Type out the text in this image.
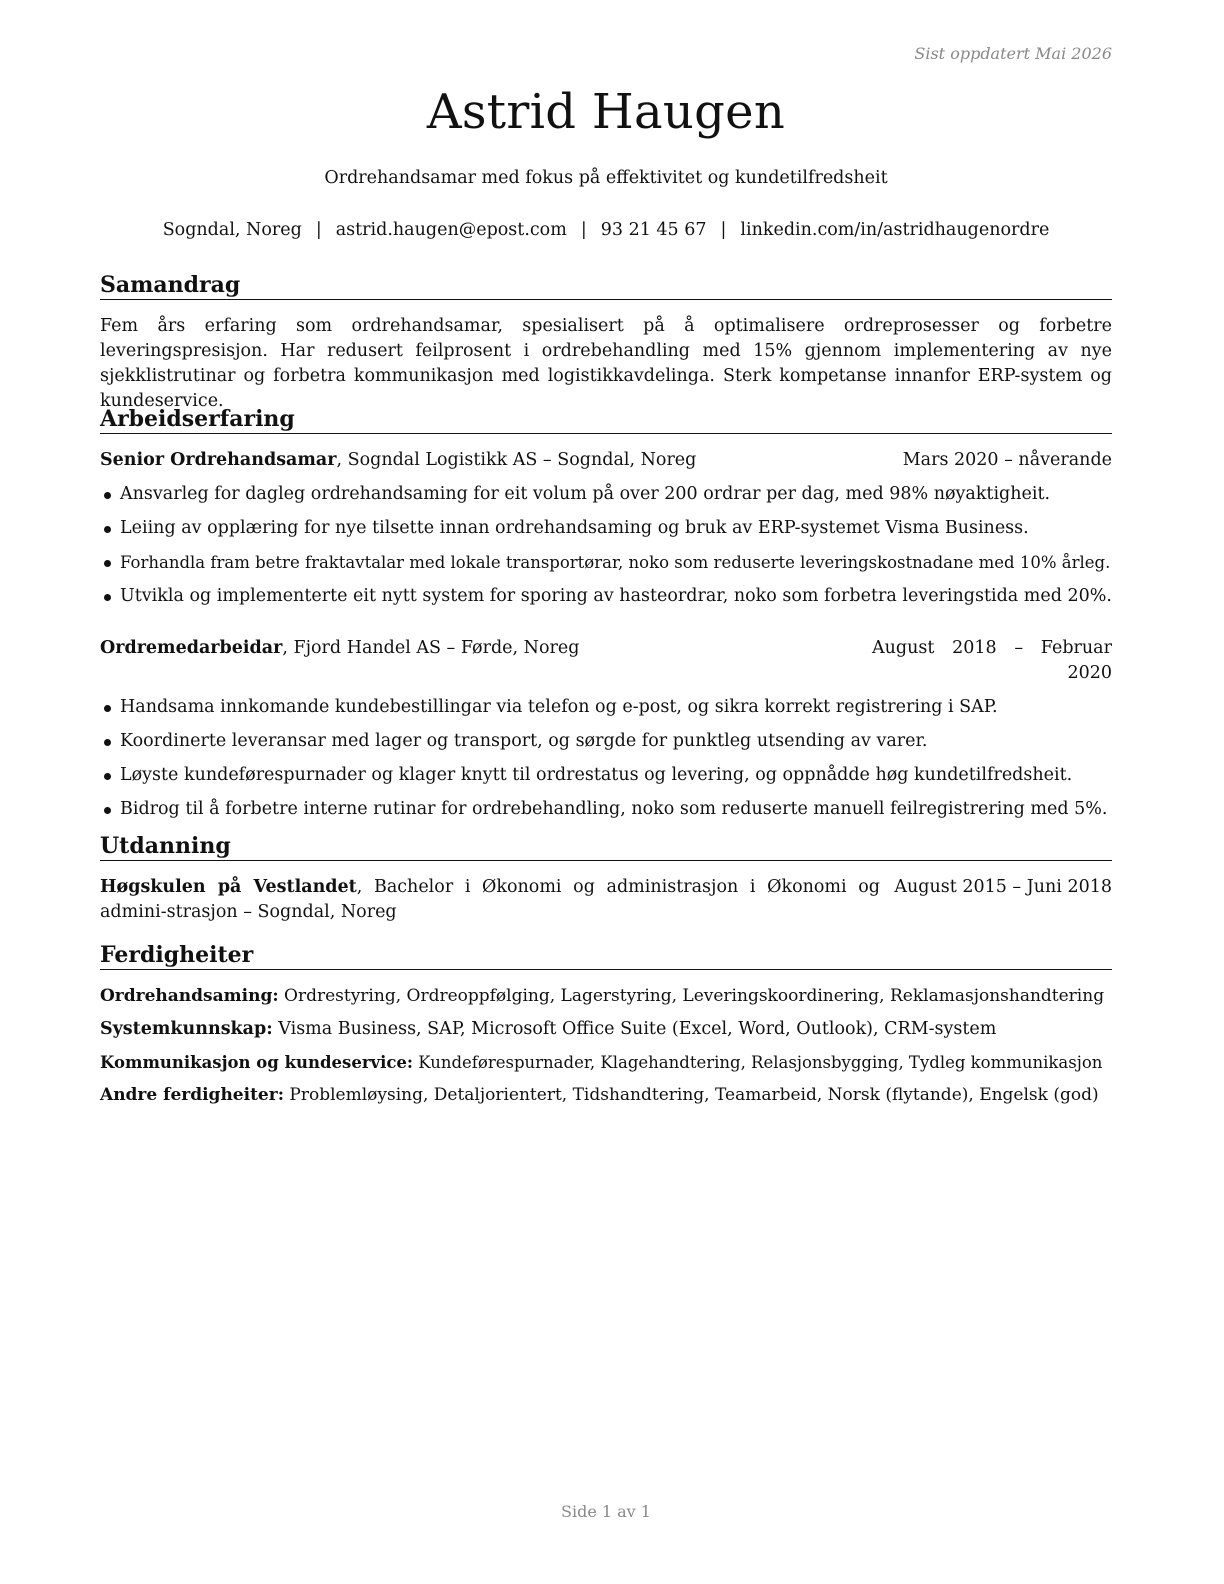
Sist oppdatert Mai 2026
Astrid Haugen
Ordrehandsamar med fokus på effektivitet og kundetilfredsheit
Sogndal, Noreg | astrid.haugen@epost.com | 93 21 45 67 | linkedin.com/in/astridhaugenordre
Samandrag

Fem års erfaring som ordrehandsamar, spesialisert på å optimalisere ordreprosesser og forbetre leveringspresisjon. Har redusert feilprosent i ordrebehandling med 15% gjennom implementering av nye sjekklistrutinar og forbetra kommunikasjon med logistikkavdelinga. Sterk kompetanse innanfor ERP-system og kundeservice.

Arbeidserfaring
Senior Ordrehandsamar, Sogndal Logistikk AS – Sogndal, Noreg	Mars 2020 – nåverande
Ansvarleg for dagleg ordrehandsaming for eit volum på over 200 ordrar per dag, med 98% nøyaktigheit.
Leiing av opplæring for nye tilsette innan ordrehandsaming og bruk av ERP-systemet Visma Business.
Forhandla fram betre fraktavtalar med lokale transportørar, noko som reduserte leveringskostnadane med 10% årleg.
Utvikla og implementerte eit nytt system for sporing av hasteordrar, noko som forbetra leveringstida med 20%.
Ordremedarbeidar, Fjord Handel AS – Førde, Noreg	August 2018 – Februar 2020
Handsama innkomande kundebestillingar via telefon og e-post, og sikra korrekt registrering i SAP.
Koordinerte leveransar med lager og transport, og sørgde for punktleg utsending av varer.
Løyste kundeførespurnader og klager knytt til ordrestatus og levering, og oppnådde høg kundetilfredsheit.
Bidrog til å forbetre interne rutinar for ordrebehandling, noko som reduserte manuell feilregistrering med 5%.
Utdanning
Høgskulen på Vestlandet, Bachelor i Økonomi og administrasjon i Økonomi og admini-strasjon – Sogndal, Noreg
August 2015 – Juni 2018
Ferdigheiter
Ordrehandsaming: Ordrestyring, Ordreoppfølging, Lagerstyring, Leveringskoordinering, Reklamasjonshandtering
Systemkunnskap: Visma Business, SAP, Microsoft Office Suite (Excel, Word, Outlook), CRM-system
Kommunikasjon og kundeservice: Kundeførespurnader, Klagehandtering, Relasjonsbygging, Tydleg kommunikasjon
Andre ferdigheiter: Problemløysing, Detaljorientert, Tidshandtering, Teamarbeid, Norsk (flytande), Engelsk (god)
Side 1 av 1
